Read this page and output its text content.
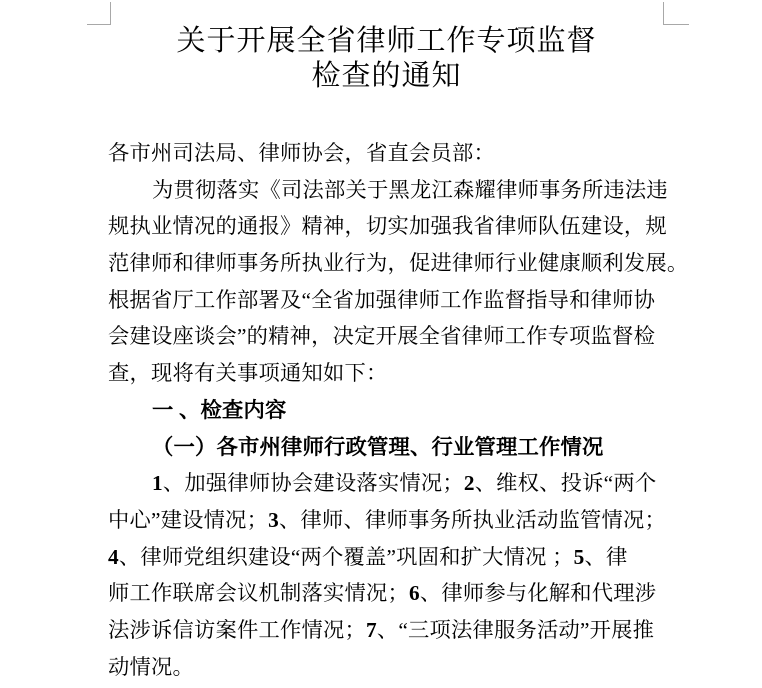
关于开展全省律师工作专项监督
检查的通知
各市州司法局、律师协会，省直会员部：
为贯彻落实《司法部关于黑龙江森耀律师事务所违法违
规执业情况的通报》精神，切实加强我省律师队伍建设，规
范律师和律师事务所执业行为，促进律师行业健康顺利发展。
根据省厅工作部署及“全省加强律师工作监督指导和律师协
会建设座谈会”的精神，决定开展全省律师工作专项监督检
查，现将有关事项通知如下：
一 、检查内容
（一）各市州律师行政管理、行业管理工作情况
1、加强律师协会建设落实情况；2、维权、投诉“两个
中心”建设情况；3、律师、律师事务所执业活动监管情况；
4、律师党组织建设“两个覆盖”巩固和扩大情况 ；5、律
师工作联席会议机制落实情况；6、律师参与化解和代理涉
法涉诉信访案件工作情况；7、“三项法律服务活动”开展推
动情况。
